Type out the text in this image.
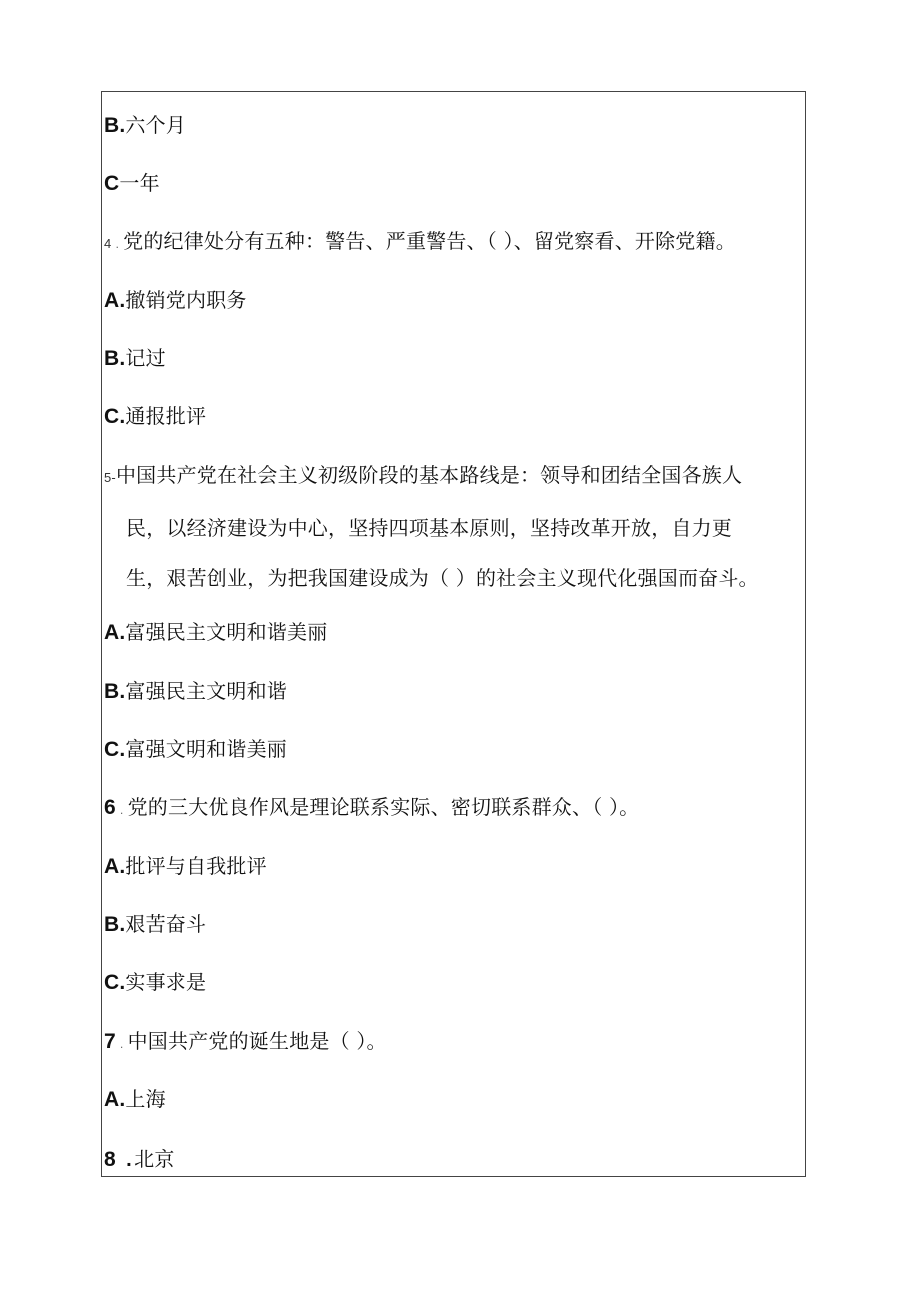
B.六个月
C一年
4 . 党的纪律处分有五种：警告、严重警告、（ ）、留党察看、开除党籍。
A.撤销党内职务
B.记过
C.通报批评
5-中国共产党在社会主义初级阶段的基本路线是：领导和团结全国各族人
民，以经济建设为中心，坚持四项基本原则，坚持改革开放，自力更
生，艰苦创业，为把我国建设成为（ ）的社会主义现代化强国而奋斗。
A.富强民主文明和谐美丽
B.富强民主文明和谐
C.富强文明和谐美丽
6 . 党的三大优良作风是理论联系实际、密切联系群众、（ ）。
A.批评与自我批评
B.艰苦奋斗
C.实事求是
7 . 中国共产党的诞生地是（ ）。
A.上海
8 . 北京
